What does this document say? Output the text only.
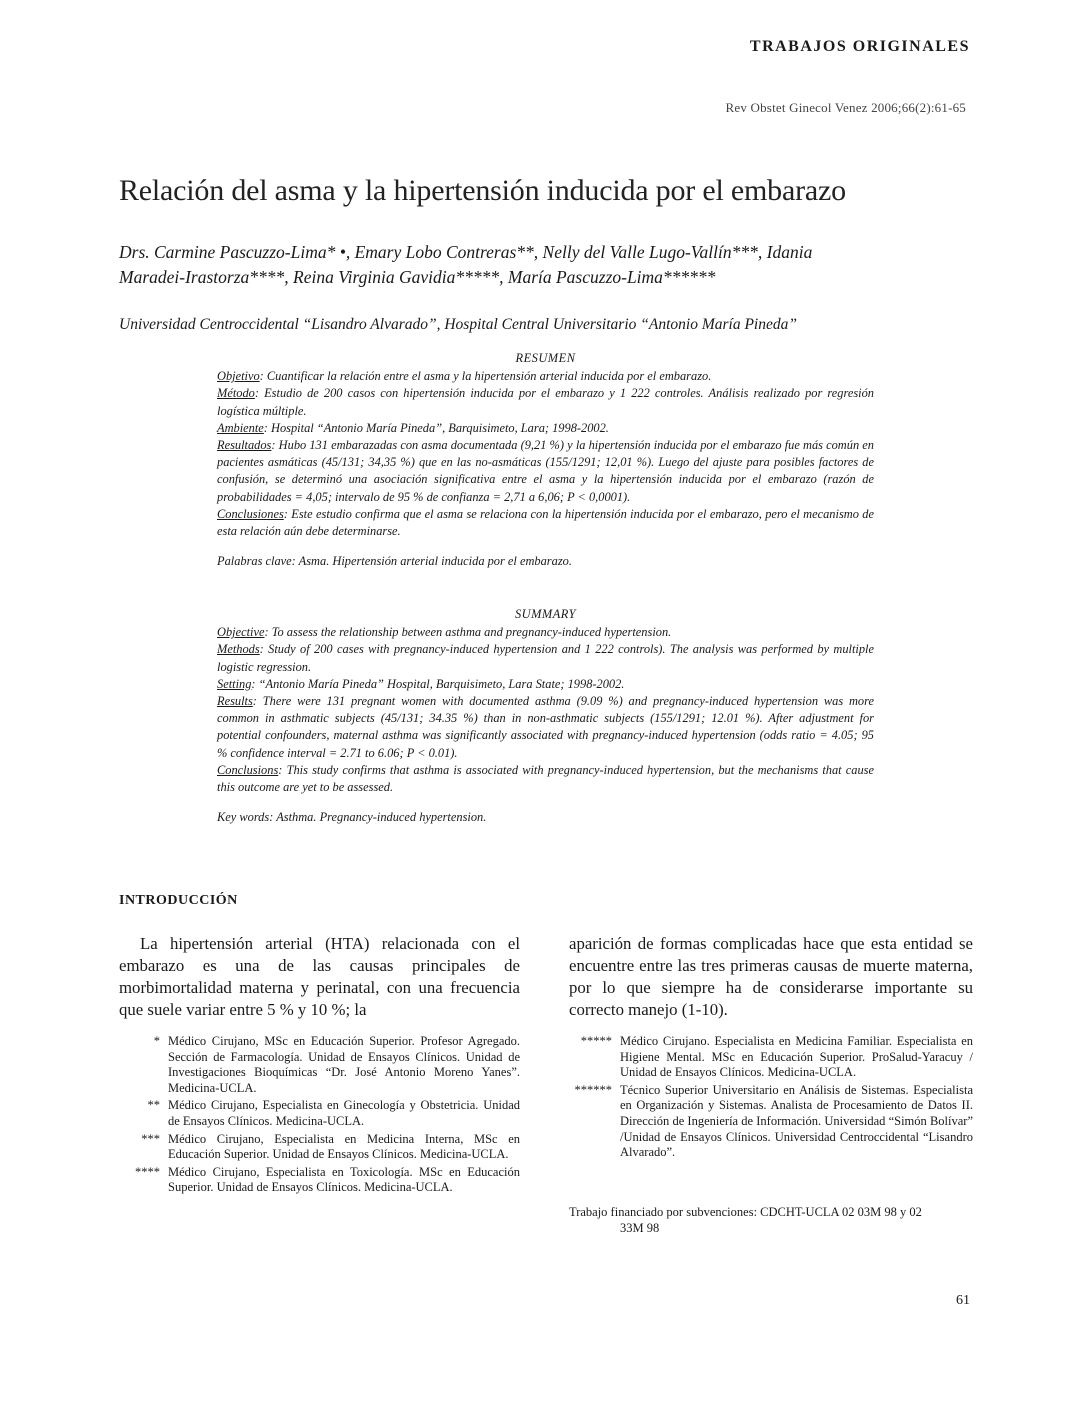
TRABAJOS ORIGINALES
Rev Obstet Ginecol Venez 2006;66(2):61-65
Relación del asma y la hipertensión inducida por el embarazo
Drs. Carmine Pascuzzo-Lima* •, Emary Lobo Contreras**, Nelly del Valle Lugo-Vallín***, Idania
Maradei-Irastorza****, Reina Virginia Gavidia*****, María Pascuzzo-Lima******
Universidad Centroccidental “Lisandro Alvarado”, Hospital Central Universitario “Antonio María Pineda”
RESUMEN

Objetivo: Cuantificar la relación entre el asma y la hipertensión arterial inducida por el embarazo.

Método: Estudio de 200 casos con hipertensión inducida por el embarazo y 1 222 controles. Análisis realizado por regresión logística múltiple.

Ambiente: Hospital “Antonio María Pineda”, Barquisimeto, Lara; 1998-2002.

Resultados: Hubo 131 embarazadas con asma documentada (9,21 %) y la hipertensión inducida por el embarazo fue más común en pacientes asmáticas (45/131; 34,35 %) que en las no-asmáticas (155/1291; 12,01 %). Luego del ajuste para posibles factores de confusión, se determinó una asociación significativa entre el asma y la hipertensión inducida por el embarazo (razón de probabilidades = 4,05; intervalo de 95 % de confianza = 2,71 a 6,06; P < 0,0001).

Conclusiones: Este estudio confirma que el asma se relaciona con la hipertensión inducida por el embarazo, pero el mecanismo de esta relación aún debe determinarse.

Palabras clave: Asma. Hipertensión arterial inducida por el embarazo.

SUMMARY

Objective: To assess the relationship between asthma and pregnancy-induced hypertension.

Methods: Study of 200 cases with pregnancy-induced hypertension and 1 222 controls). The analysis was performed by multiple logistic regression.

Setting: “Antonio María Pineda” Hospital, Barquisimeto, Lara State; 1998-2002.

Results: There were 131 pregnant women with documented asthma (9.09 %) and pregnancy-induced hypertension was more common in asthmatic subjects (45/131; 34.35 %) than in non-asthmatic subjects (155/1291; 12.01 %). After adjustment for potential confounders, maternal asthma was significantly associated with pregnancy-induced hypertension (odds ratio = 4.05; 95 % confidence interval = 2.71 to 6.06; P < 0.01).

Conclusions: This study confirms that asthma is associated with pregnancy-induced hypertension, but the mechanisms that cause this outcome are yet to be assessed.

Key words: Asthma. Pregnancy-induced hypertension.

INTRODUCCIÓN

La hipertensión arterial (HTA) relacionada con el embarazo es una de las causas principales de morbimortalidad materna y perinatal, con una frecuencia que suele variar entre 5 % y 10 %; la

aparición de formas complicadas hace que esta entidad se encuentre entre las tres primeras causas de muerte materna, por lo que siempre ha de considerarse importante su correcto manejo (1-10).

* Médico Cirujano, MSc en Educación Superior. Profesor Agregado. Sección de Farmacología. Unidad de Ensayos Clínicos. Unidad de Investigaciones Bioquímicas “Dr. José Antonio Moreno Yanes”. Medicina-UCLA.
** Médico Cirujano, Especialista en Ginecología y Obstetricia. Unidad de Ensayos Clínicos. Medicina-UCLA.
*** Médico Cirujano, Especialista en Medicina Interna, MSc en Educación Superior. Unidad de Ensayos Clínicos. Medicina-UCLA.
**** Médico Cirujano, Especialista en Toxicología. MSc en Educación Superior. Unidad de Ensayos Clínicos. Medicina-UCLA.
***** Médico Cirujano. Especialista en Medicina Familiar. Especialista en Higiene Mental. MSc en Educación Superior. ProSalud-Yaracuy / Unidad de Ensayos Clínicos. Medicina-UCLA.
****** Técnico Superior Universitario en Análisis de Sistemas. Especialista en Organización y Sistemas. Analista de Procesamiento de Datos II. Dirección de Ingeniería de Información. Universidad “Simón Bolívar” /Unidad de Ensayos Clínicos. Universidad Centroccidental “Lisandro Alvarado”.
Trabajo financiado por subvenciones: CDCHT-UCLA 02 03M 98 y 02
33M 98
61
